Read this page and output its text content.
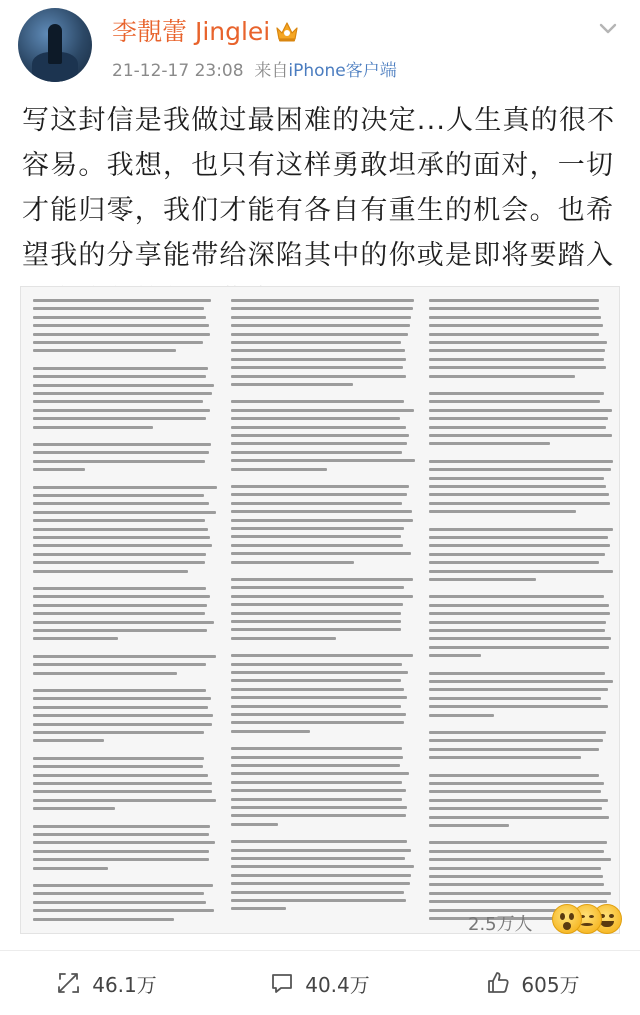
李靚蕾 Jinglei
21-12-17 23:08 来自iPhone客户端

写这封信是我做过最困难的决定...人生真的很不容易。我想，也只有这样勇敢坦承的面对，一切才能归零，我们才能有各自有重生的机会。也希望我的分享能带给深陷其中的你或是即将要踏入

2.5万人
46.1万	40.4万	605万
